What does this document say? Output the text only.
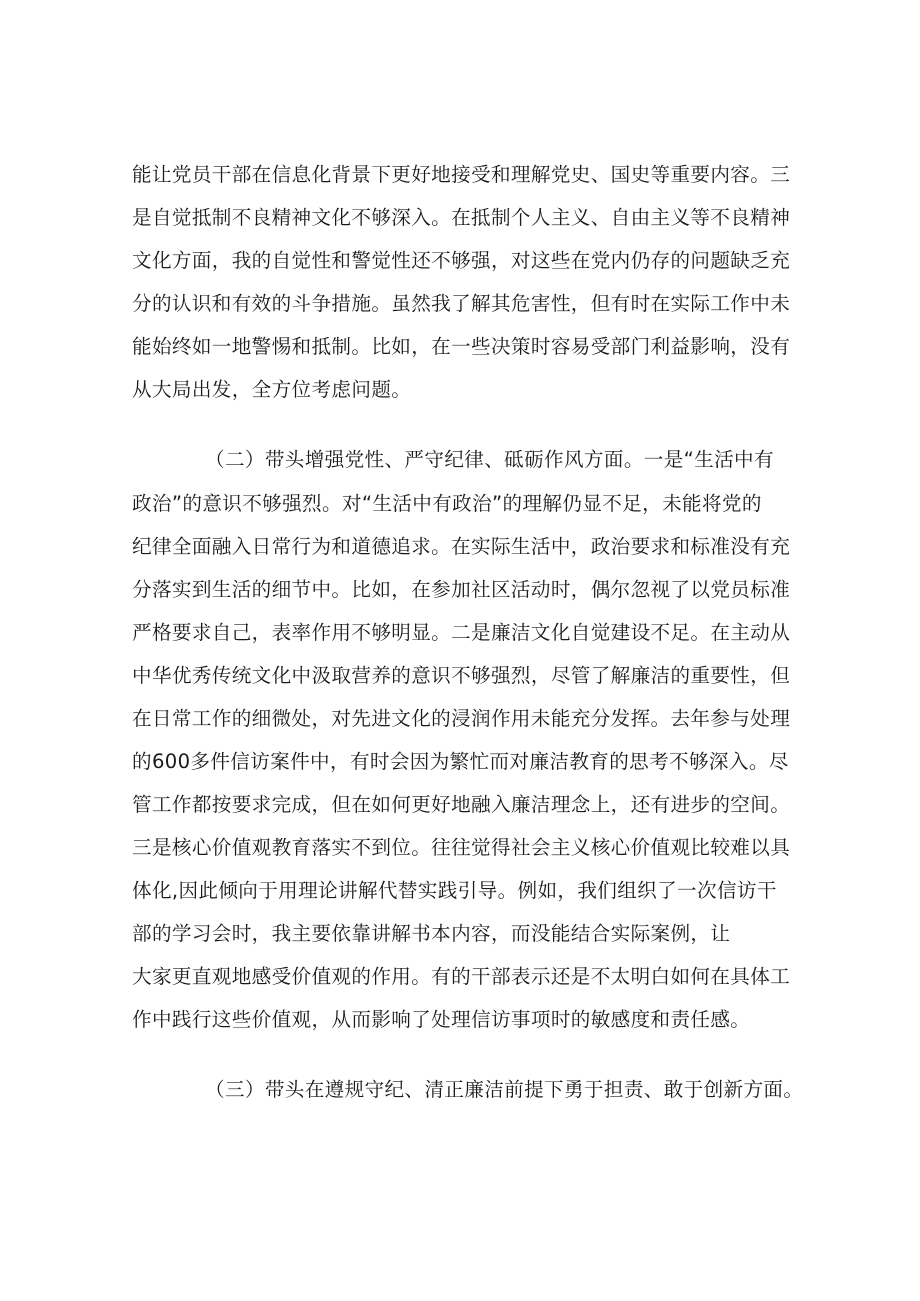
能让党员干部在信息化背景下更好地接受和理解党史、国史等重要内容。三
是自觉抵制不良精神文化不够深入。在抵制个人主义、自由主义等不良精神
文化方面，我的自觉性和警觉性还不够强，对这些在党内仍存的问题缺乏充
分的认识和有效的斗争措施。虽然我了解其危害性，但有时在实际工作中未
能始终如一地警惕和抵制。比如，在一些决策时容易受部门利益影响，没有
从大局出发，全方位考虑问题。
（二）带头增强党性、严守纪律、砥砺作风方面。一是“生活中有
政治”的意识不够强烈。对“生活中有政治”的理解仍显不足，未能将党的
纪律全面融入日常行为和道德追求。在实际生活中，政治要求和标准没有充
分落实到生活的细节中。比如，在参加社区活动时，偶尔忽视了以党员标准
严格要求自己，表率作用不够明显。二是廉洁文化自觉建设不足。在主动从
中华优秀传统文化中汲取营养的意识不够强烈，尽管了解廉洁的重要性，但
在日常工作的细微处，对先进文化的浸润作用未能充分发挥。去年参与处理
的600多件信访案件中，有时会因为繁忙而对廉洁教育的思考不够深入。尽
管工作都按要求完成，但在如何更好地融入廉洁理念上，还有进步的空间。
三是核心价值观教育落实不到位。往往觉得社会主义核心价值观比较难以具
体化,因此倾向于用理论讲解代替实践引导。例如，我们组织了一次信访干
部的学习会时，我主要依靠讲解书本内容，而没能结合实际案例，让
大家更直观地感受价值观的作用。有的干部表示还是不太明白如何在具体工
作中践行这些价值观，从而影响了处理信访事项时的敏感度和责任感。
（三）带头在遵规守纪、清正廉洁前提下勇于担责、敢于创新方面。
